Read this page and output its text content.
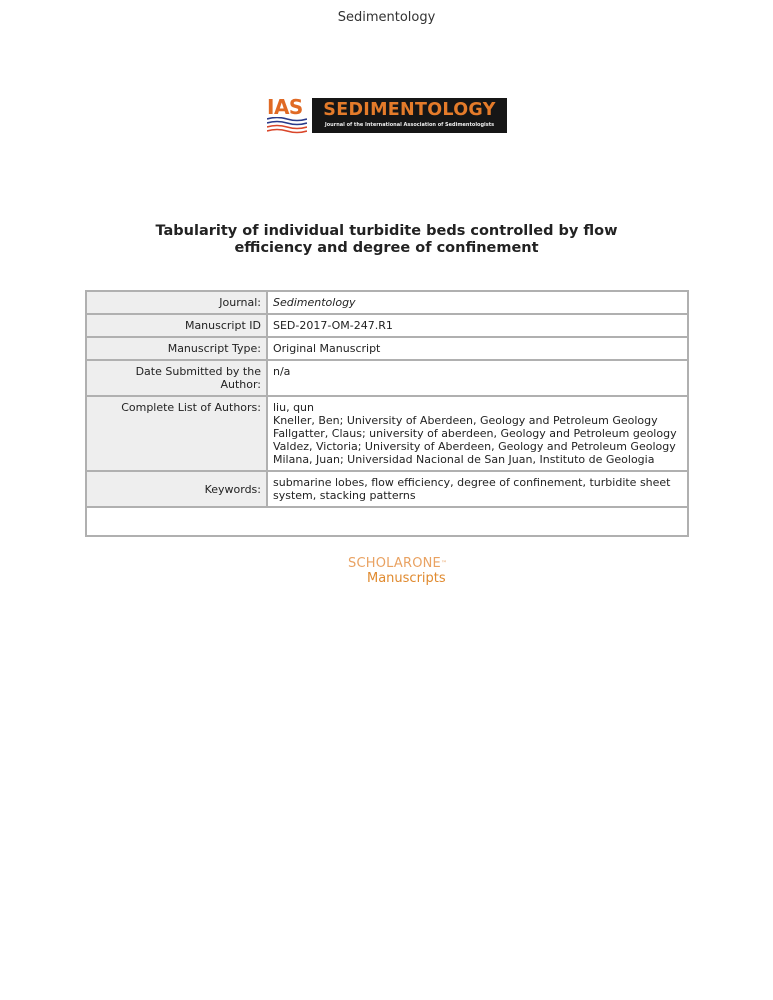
Sedimentology
IAS	SEDIMENTOLOGY
Journal of the International Association of Sedimentologists
Tabularity of individual turbidite beds controlled by flow efficiency and degree of confinement
Journal:	Sedimentology
Manuscript ID	SED-2017-OM-247.R1
Manuscript Type:	Original Manuscript
Date Submitted by the Author:	n/a
Complete List of Authors:	liu, qun
Kneller, Ben; University of Aberdeen, Geology and Petroleum Geology
Fallgatter, Claus; university of aberdeen, Geology and Petroleum geology
Valdez, Victoria; University of Aberdeen, Geology and Petroleum Geology
Milana, Juan; Universidad Nacional de San Juan, Instituto de Geologia

Keywords:	submarine lobes, flow efficiency, degree of confinement, turbidite sheet system, stacking patterns

SCHOLARONE™
Manuscripts
